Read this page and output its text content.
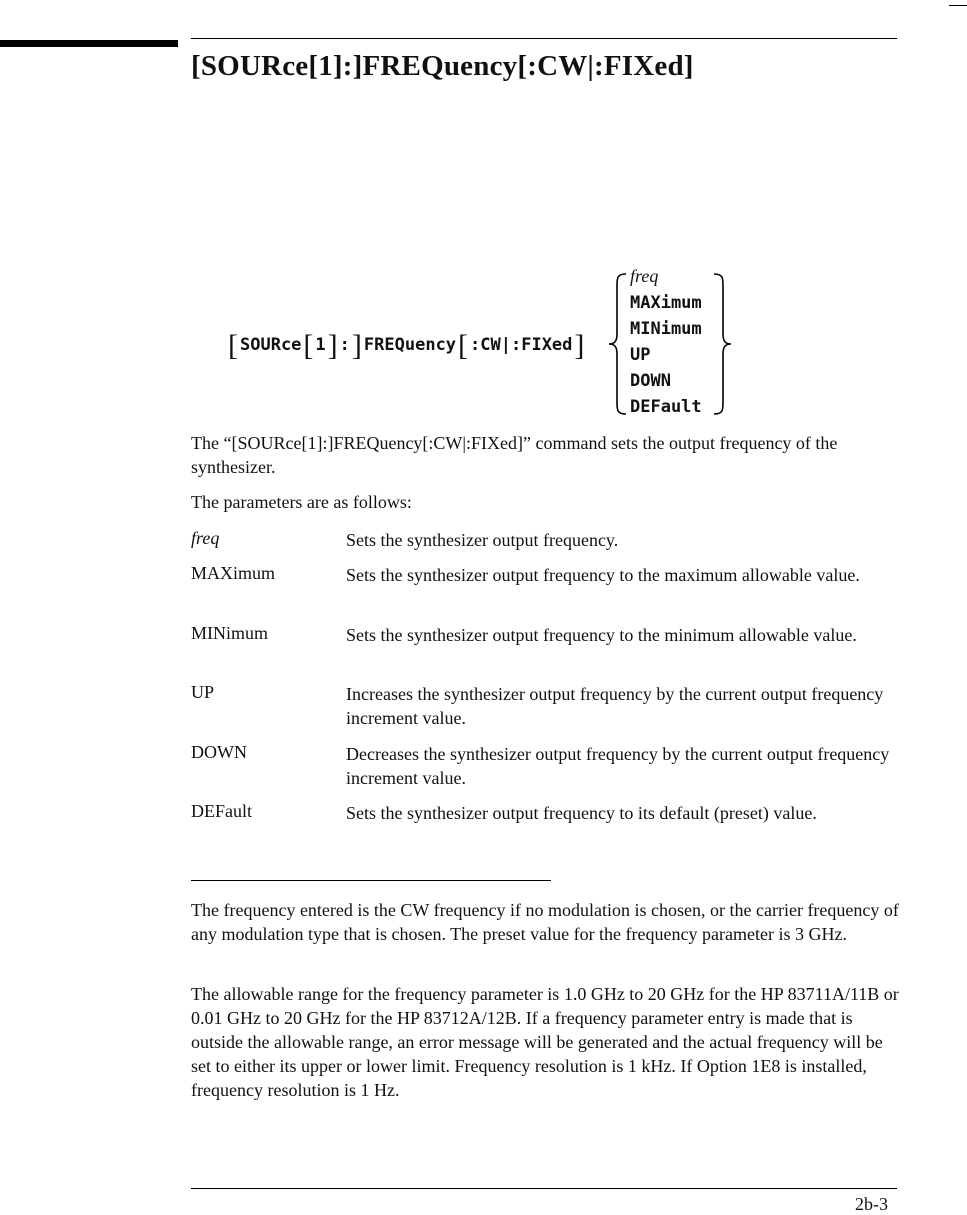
[SOURce[1]:]FREQuency[:CW|:FIXed]
[ SOURce[ 1] :] FREQuency[ :CW|:FIXed]
freq
MAXimum
MINimum
UP
DOWN
DEFault
The “[SOURce[1]:]FREQuency[:CW|:FIXed]” command sets the output frequency of the synthesizer.
The parameters are as follows:
freq	Sets the synthesizer output frequency.
MAXimum	Sets the synthesizer output frequency to the maximum allowable value.
MINimum	Sets the synthesizer output frequency to the minimum allowable value.
UP	Increases the synthesizer output frequency by the current output frequency increment value.
DOWN	Decreases the synthesizer output frequency by the current output frequency increment value.
DEFault	Sets the synthesizer output frequency to its default (preset) value.
The frequency entered is the CW frequency if no modulation is chosen, or the carrier frequency of any modulation type that is chosen. The preset value for the frequency parameter is 3 GHz.
The allowable range for the frequency parameter is 1.0 GHz to 20 GHz for the HP 83711A/11B or 0.01 GHz to 20 GHz for the HP 83712A/12B. If a frequency parameter entry is made that is outside the allowable range, an error message will be generated and the actual frequency will be set to either its upper or lower limit. Frequency resolution is 1 kHz. If Option 1E8 is installed, frequency resolution is 1 Hz.
2b-3
